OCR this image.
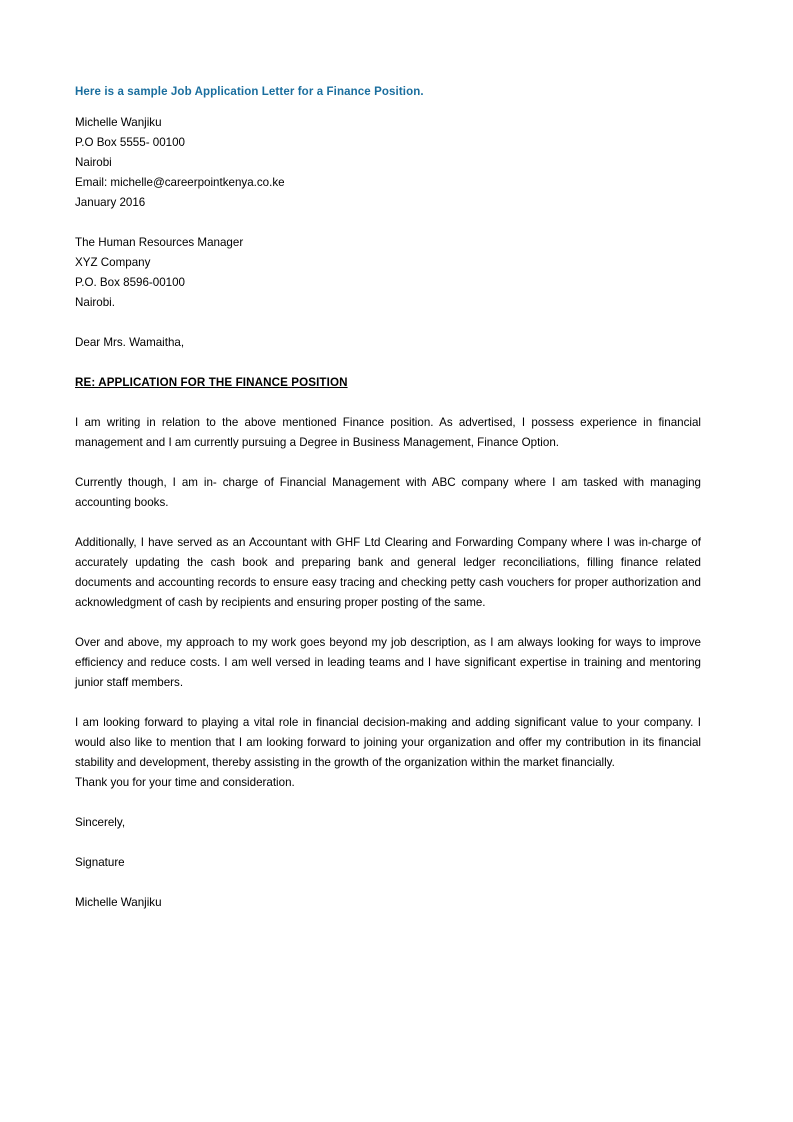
Here is a sample Job Application Letter for a Finance Position.
Michelle Wanjiku
P.O Box 5555- 00100
Nairobi
Email: michelle@careerpointkenya.co.ke
January 2016
The Human Resources Manager
XYZ Company
P.O. Box 8596-00100
Nairobi.
Dear Mrs. Wamaitha,
RE: APPLICATION FOR THE FINANCE POSITION

I am writing in relation to the above mentioned Finance position. As advertised, I possess experience in financial management and I am currently pursuing a Degree in Business Management, Finance Option.

Currently though, I am in- charge of Financial Management with ABC company where I am tasked with managing accounting books.

Additionally, I have served as an Accountant with GHF Ltd Clearing and Forwarding Company where I was in-charge of accurately updating the cash book and preparing bank and general ledger reconciliations, filling finance related documents and accounting records to ensure easy tracing and checking petty cash vouchers for proper authorization and acknowledgment of cash by recipients and ensuring proper posting of the same.

Over and above, my approach to my work goes beyond my job description, as I am always looking for ways to improve efficiency and reduce costs. I am well versed in leading teams and I have significant expertise in training and mentoring junior staff members.

I am looking forward to playing a vital role in financial decision-making and adding significant value to your company. I would also like to mention that I am looking forward to joining your organization and offer my contribution in its financial stability and development, thereby assisting in the growth of the organization within the market financially.

Thank you for your time and consideration.
Sincerely,
Signature
Michelle Wanjiku
